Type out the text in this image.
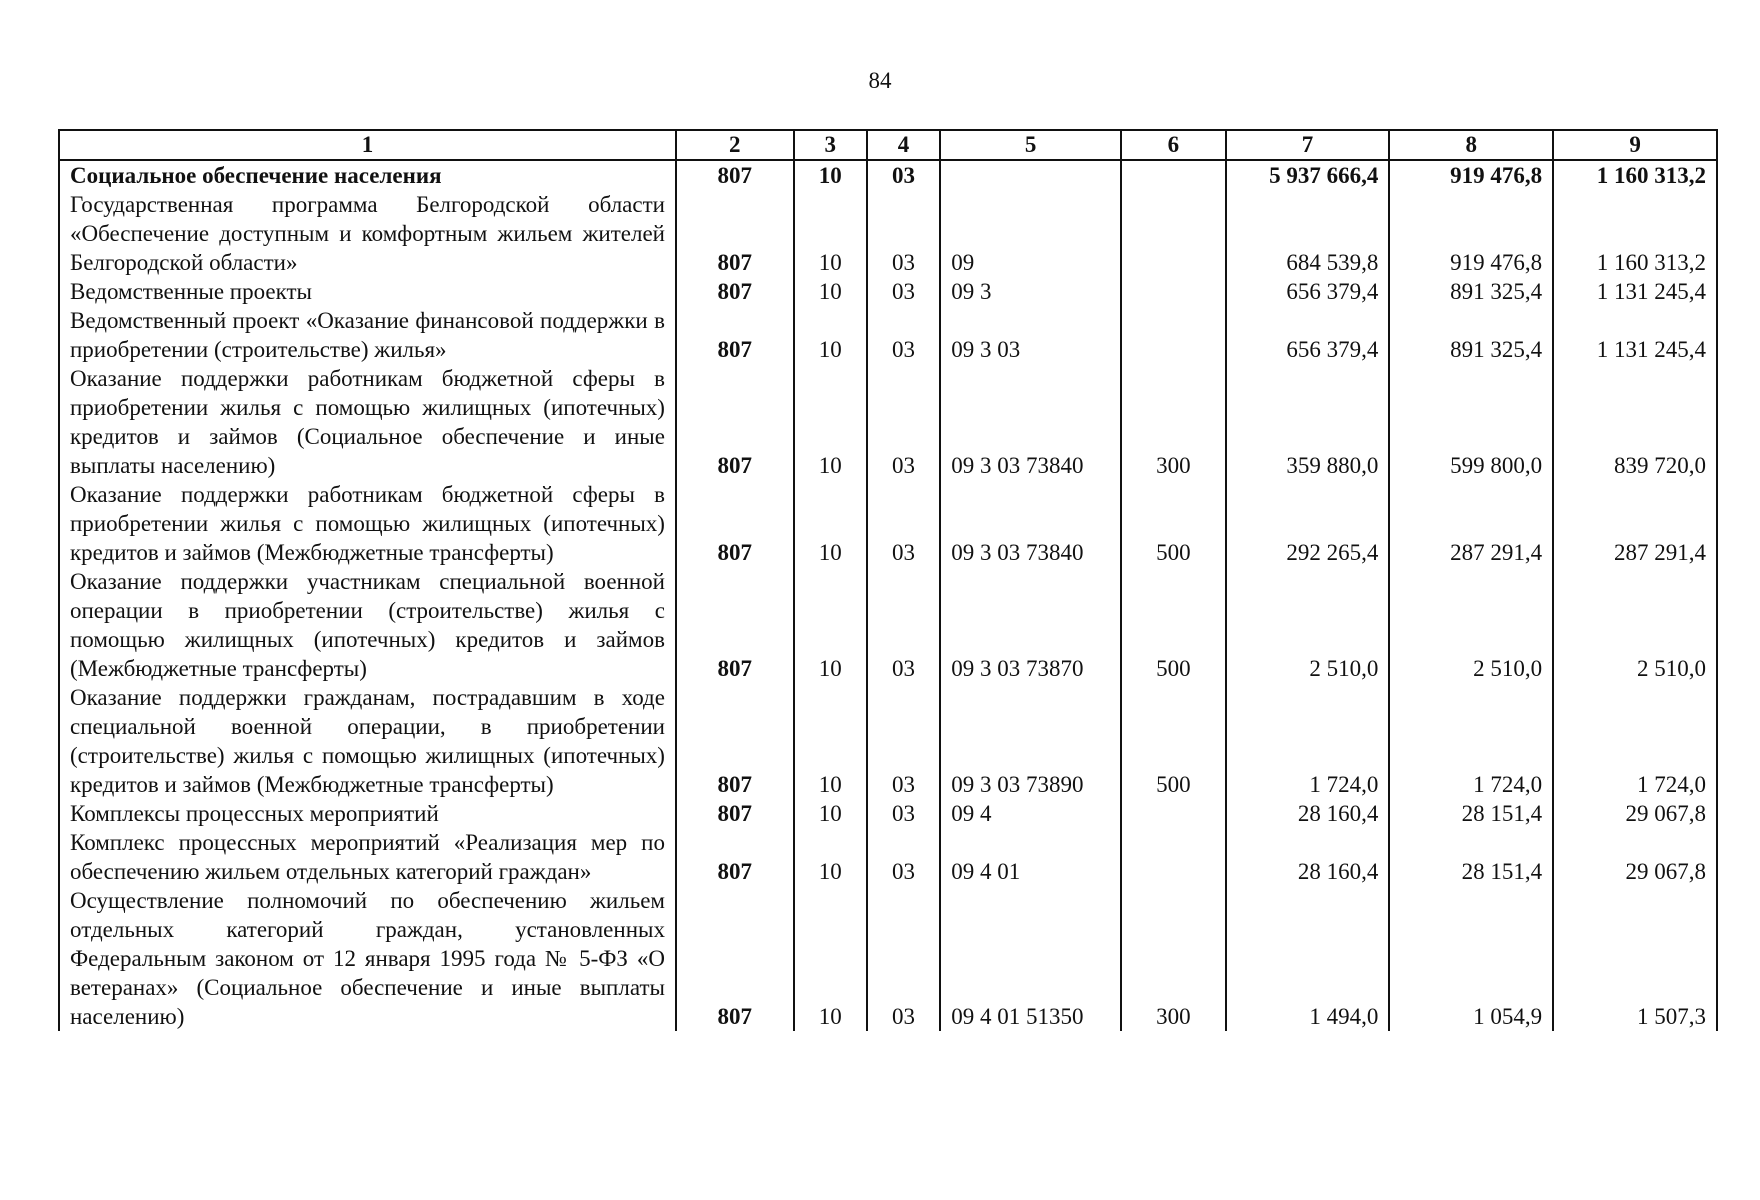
84
1	2	3	4	5	6	7	8	9
Социальное обеспечение населения	807	10	03			5 937 666,4	919 476,8	1 160 313,2
Государственная программа Белгородской области «Обеспечение доступным и комфортным жильем жителей Белгородской области»	807	10	03	09		684 539,8	919 476,8	1 160 313,2
Ведомственные проекты	807	10	03	09 3		656 379,4	891 325,4	1 131 245,4
Ведомственный проект «Оказание финансовой поддержки в приобретении (строительстве) жилья»	807	10	03	09 3 03		656 379,4	891 325,4	1 131 245,4
Оказание поддержки работникам бюджетной сферы в приобретении жилья с помощью жилищных (ипотечных) кредитов и займов (Социальное обеспечение и иные выплаты населению)	807	10	03	09 3 03 73840	300	359 880,0	599 800,0	839 720,0
Оказание поддержки работникам бюджетной сферы в приобретении жилья с помощью жилищных (ипотечных) кредитов и займов (Межбюджетные трансферты)	807	10	03	09 3 03 73840	500	292 265,4	287 291,4	287 291,4
Оказание поддержки участникам специальной военной операции в приобретении (строительстве) жилья с помощью жилищных (ипотечных) кредитов и займов (Межбюджетные трансферты)	807	10	03	09 3 03 73870	500	2 510,0	2 510,0	2 510,0
Оказание поддержки гражданам, пострадавшим в ходе специальной военной операции, в приобретении (строительстве) жилья с помощью жилищных (ипотечных) кредитов и займов (Межбюджетные трансферты)	807	10	03	09 3 03 73890	500	1 724,0	1 724,0	1 724,0
Комплексы процессных мероприятий	807	10	03	09 4		28 160,4	28 151,4	29 067,8
Комплекс процессных мероприятий «Реализация мер по обеспечению жильем отдельных категорий граждан»	807	10	03	09 4 01		28 160,4	28 151,4	29 067,8
Осуществление полномочий по обеспечению жильем отдельных категорий граждан, установленных Федеральным законом от 12 января 1995 года № 5-ФЗ «О ветеранах» (Социальное обеспечение и иные выплаты населению)	807	10	03	09 4 01 51350	300	1 494,0	1 054,9	1 507,3
